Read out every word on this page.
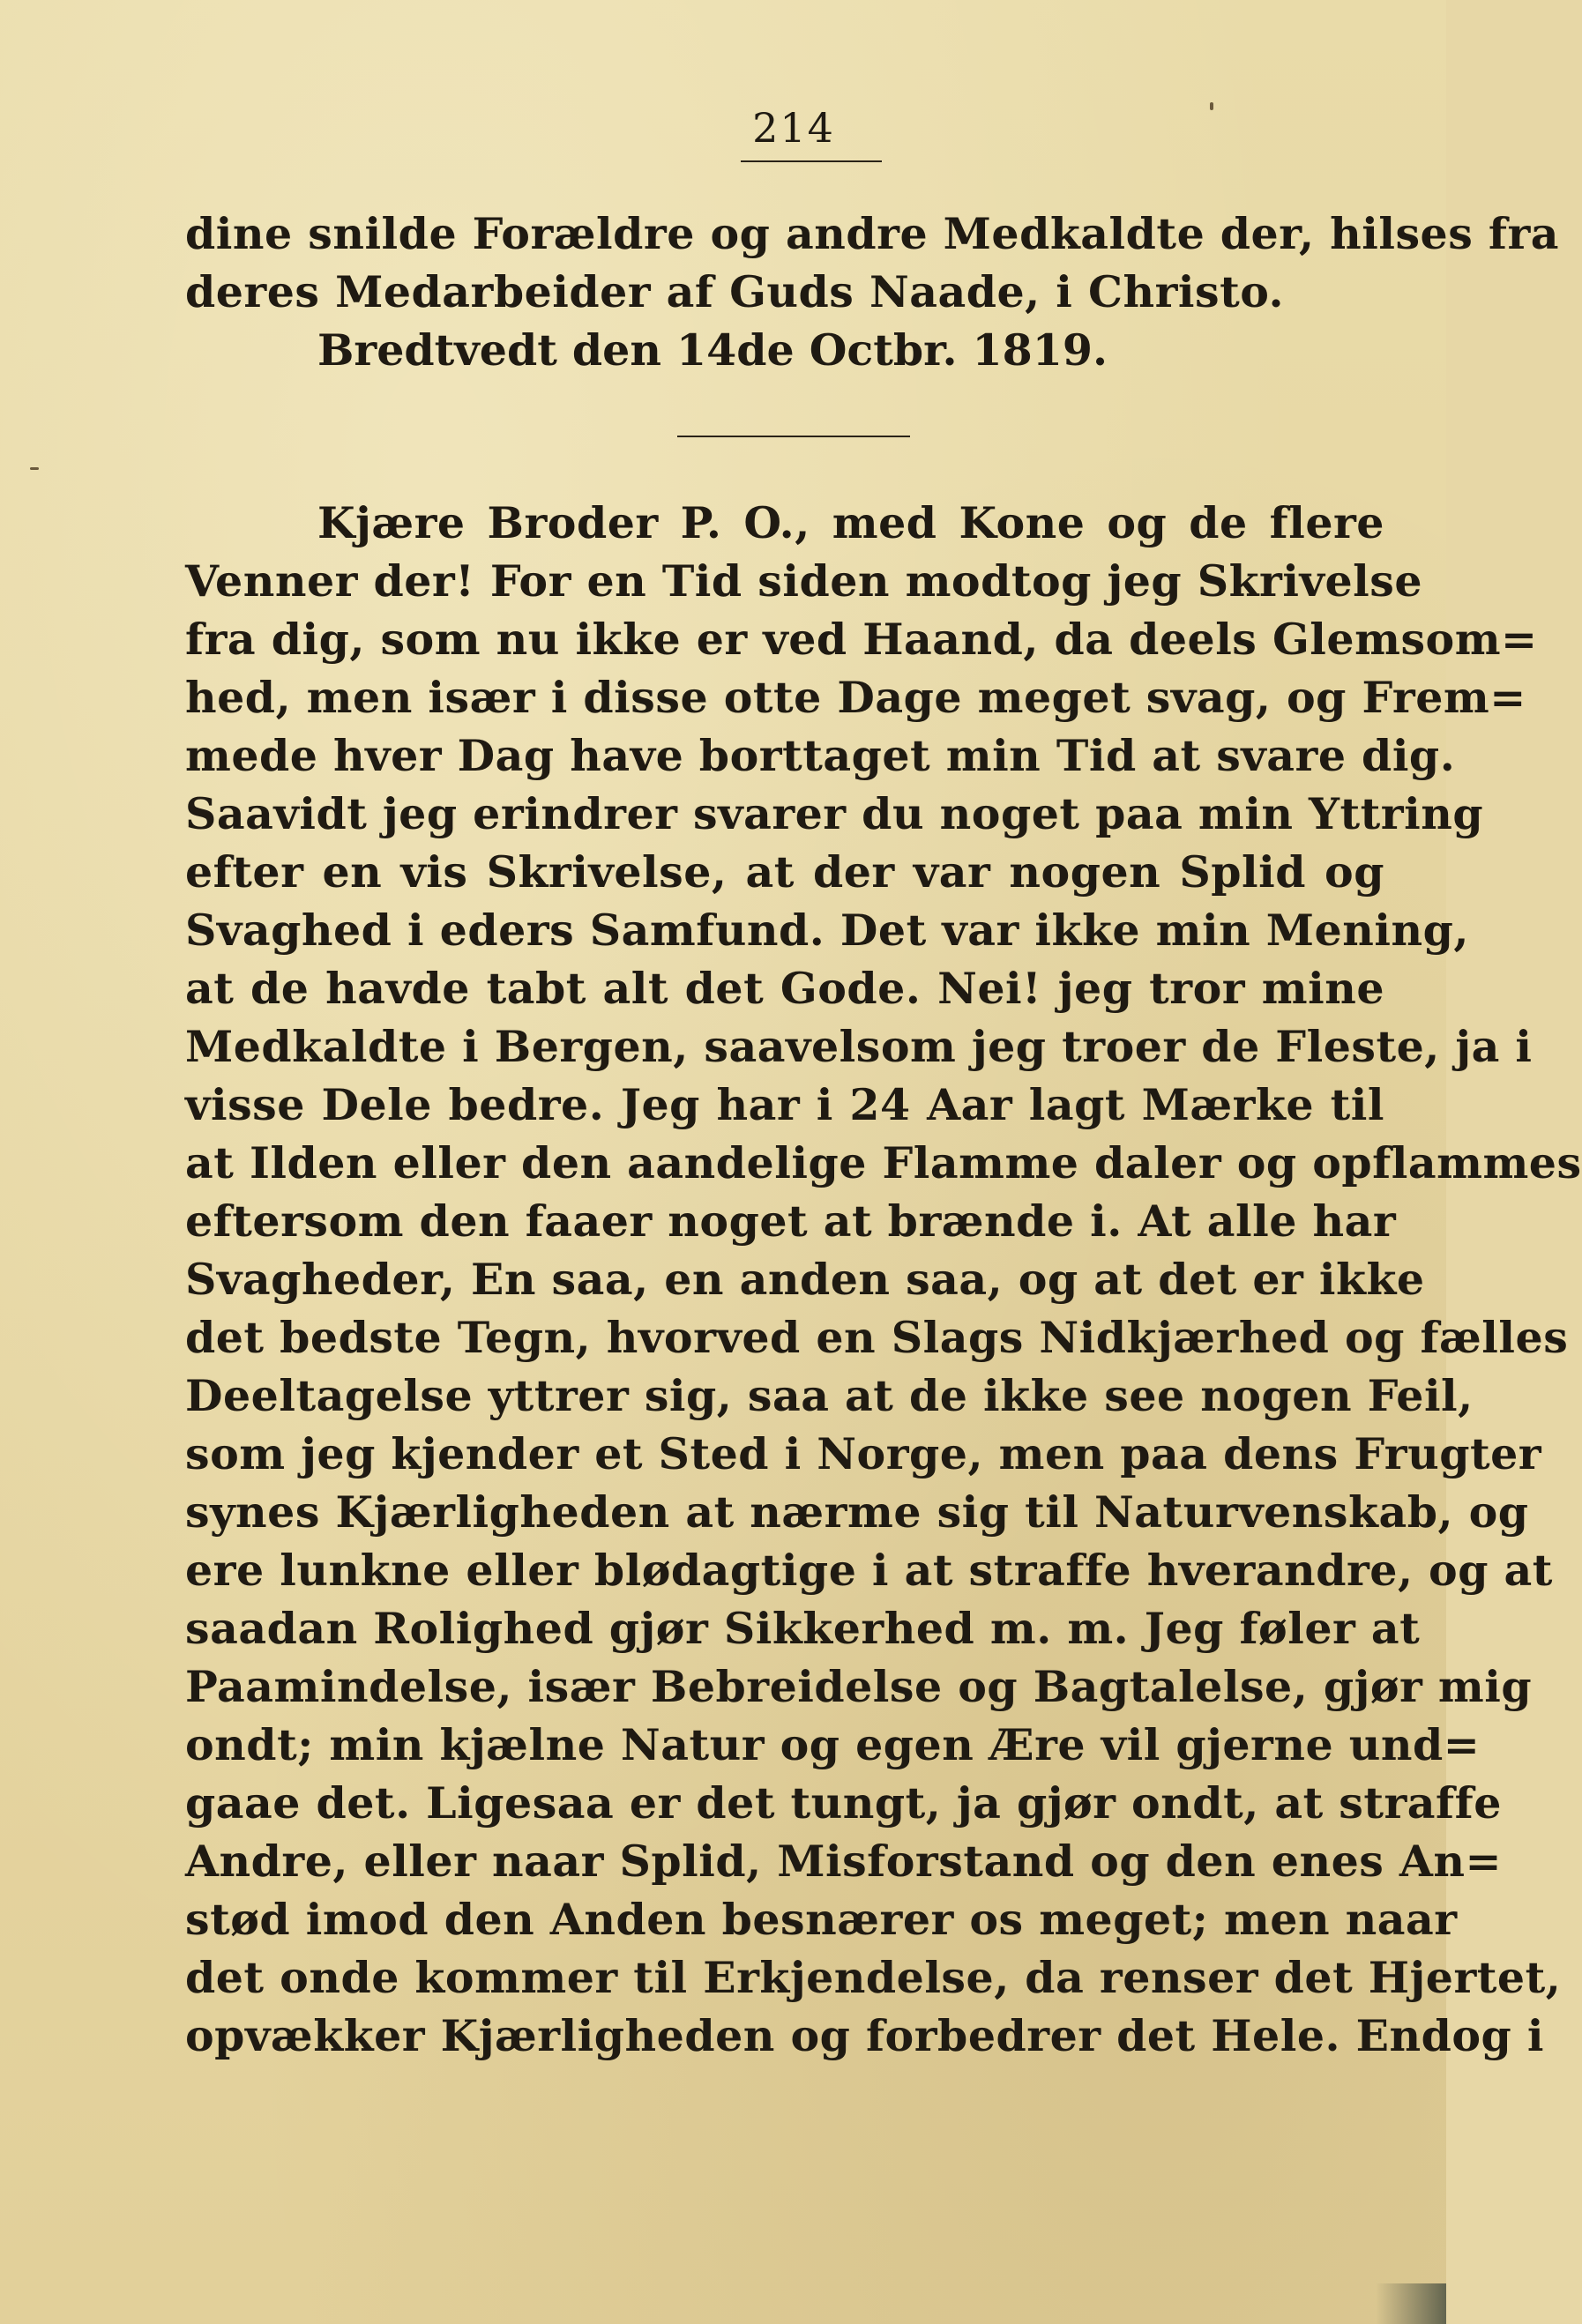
214
dine snilde Forældre og andre Medkaldte der, hilses fra
deres Medarbeider af Guds Naade, i Christo.
Bredtvedt den 14de Octbr. 1819.
Kjære Broder P. O., med Kone og de flere
Venner der! For en Tid siden modtog jeg Skrivelse
fra dig, som nu ikke er ved Haand, da deels Glemsom=
hed, men især i disse otte Dage meget svag, og Frem=
mede hver Dag have borttaget min Tid at svare dig.
Saavidt jeg erindrer svarer du noget paa min Yttring
efter en vis Skrivelse, at der var nogen Splid og
Svaghed i eders Samfund. Det var ikke min Mening,
at de havde tabt alt det Gode. Nei! jeg tror mine
Medkaldte i Bergen, saavelsom jeg troer de Fleste, ja i
visse Dele bedre. Jeg har i 24 Aar lagt Mærke til
at Ilden eller den aandelige Flamme daler og opflammes
eftersom den faaer noget at brænde i. At alle har
Svagheder, En saa, en anden saa, og at det er ikke
det bedste Tegn, hvorved en Slags Nidkjærhed og fælles
Deeltagelse yttrer sig, saa at de ikke see nogen Feil,
som jeg kjender et Sted i Norge, men paa dens Frugter
synes Kjærligheden at nærme sig til Naturvenskab, og
ere lunkne eller blødagtige i at straffe hverandre, og at
saadan Rolighed gjør Sikkerhed m. m. Jeg føler at
Paamindelse, især Bebreidelse og Bagtalelse, gjør mig
ondt; min kjælne Natur og egen Ære vil gjerne und=
gaae det. Ligesaa er det tungt, ja gjør ondt, at straffe
Andre, eller naar Splid, Misforstand og den enes An=
stød imod den Anden besnærer os meget; men naar
det onde kommer til Erkjendelse, da renser det Hjertet,
opvækker Kjærligheden og forbedrer det Hele. Endog i
